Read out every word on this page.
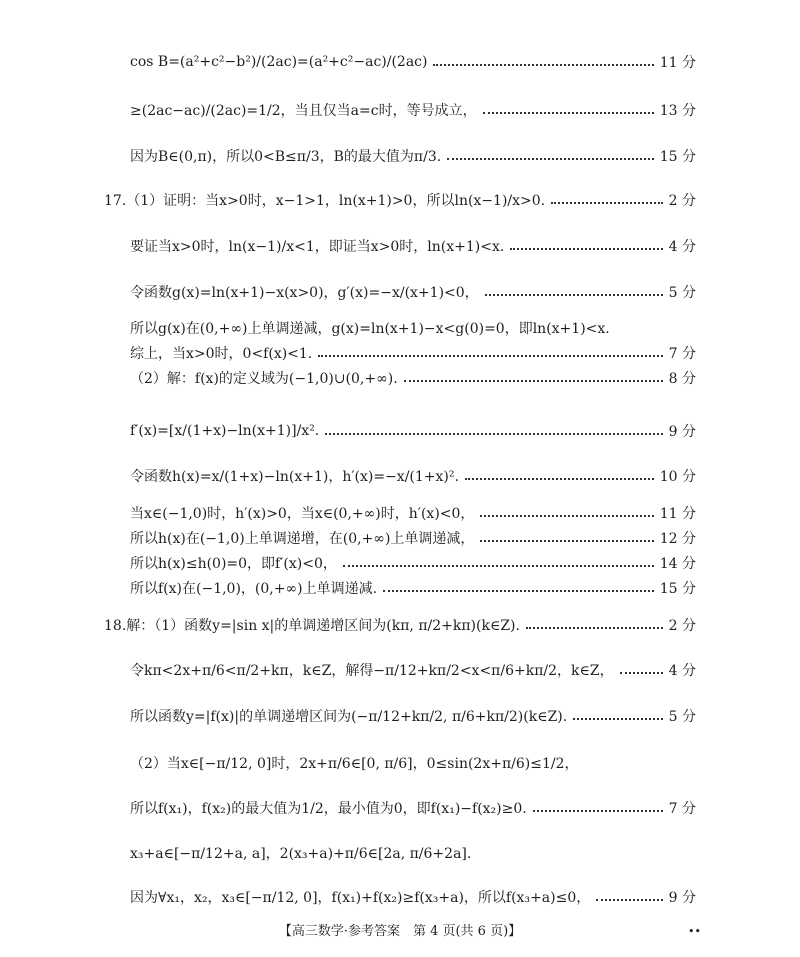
cos B=(a²+c²−b²)/(2ac)=(a²+c²−ac)/(2ac)	11 分
≥(2ac−ac)/(2ac)=1/2，当且仅当a=c时，等号成立，	13 分
因为B∈(0,π)，所以0<B≤π/3，B的最大值为π/3.	15 分
17.（1）证明：当x>0时，x−1>1，ln(x+1)>0，所以ln(x−1)/x>0.	2 分
要证当x>0时，ln(x−1)/x<1，即证当x>0时，ln(x+1)<x.	4 分
令函数g(x)=ln(x+1)−x(x>0)，g′(x)=−x/(x+1)<0，	5 分
所以g(x)在(0,+∞)上单调递减，g(x)=ln(x+1)−x<g(0)=0，即ln(x+1)<x.
综上，当x>0时，0<f(x)<1.	7 分
（2）解：f(x)的定义域为(−1,0)∪(0,+∞).	8 分
f′(x)=[x/(1+x)−ln(x+1)]/x².	9 分
令函数h(x)=x/(1+x)−ln(x+1)，h′(x)=−x/(1+x)².	10 分
当x∈(−1,0)时，h′(x)>0，当x∈(0,+∞)时，h′(x)<0，	11 分
所以h(x)在(−1,0)上单调递增，在(0,+∞)上单调递减，	12 分
所以h(x)≤h(0)=0，即f′(x)<0，	14 分
所以f(x)在(−1,0)，(0,+∞)上单调递减.	15 分
18.解：（1）函数y=|sin x|的单调递增区间为(kπ, π/2+kπ)(k∈Z).	2 分
令kπ<2x+π/6<π/2+kπ，k∈Z，解得−π/12+kπ/2<x<π/6+kπ/2，k∈Z，	4 分
所以函数y=|f(x)|的单调递增区间为(−π/12+kπ/2, π/6+kπ/2)(k∈Z).	5 分
（2）当x∈[−π/12, 0]时，2x+π/6∈[0, π/6]，0≤sin(2x+π/6)≤1/2，
所以f(x₁)，f(x₂)的最大值为1/2，最小值为0，即f(x₁)−f(x₂)≥0.	7 分
x₃+a∈[−π/12+a, a]，2(x₃+a)+π/6∈[2a, π/6+2a].
因为∀x₁，x₂，x₃∈[−π/12, 0]，f(x₁)+f(x₂)≥f(x₃+a)，所以f(x₃+a)≤0，	9 分
【高三数学·参考答案　第 4 页(共 6 页)】	••
